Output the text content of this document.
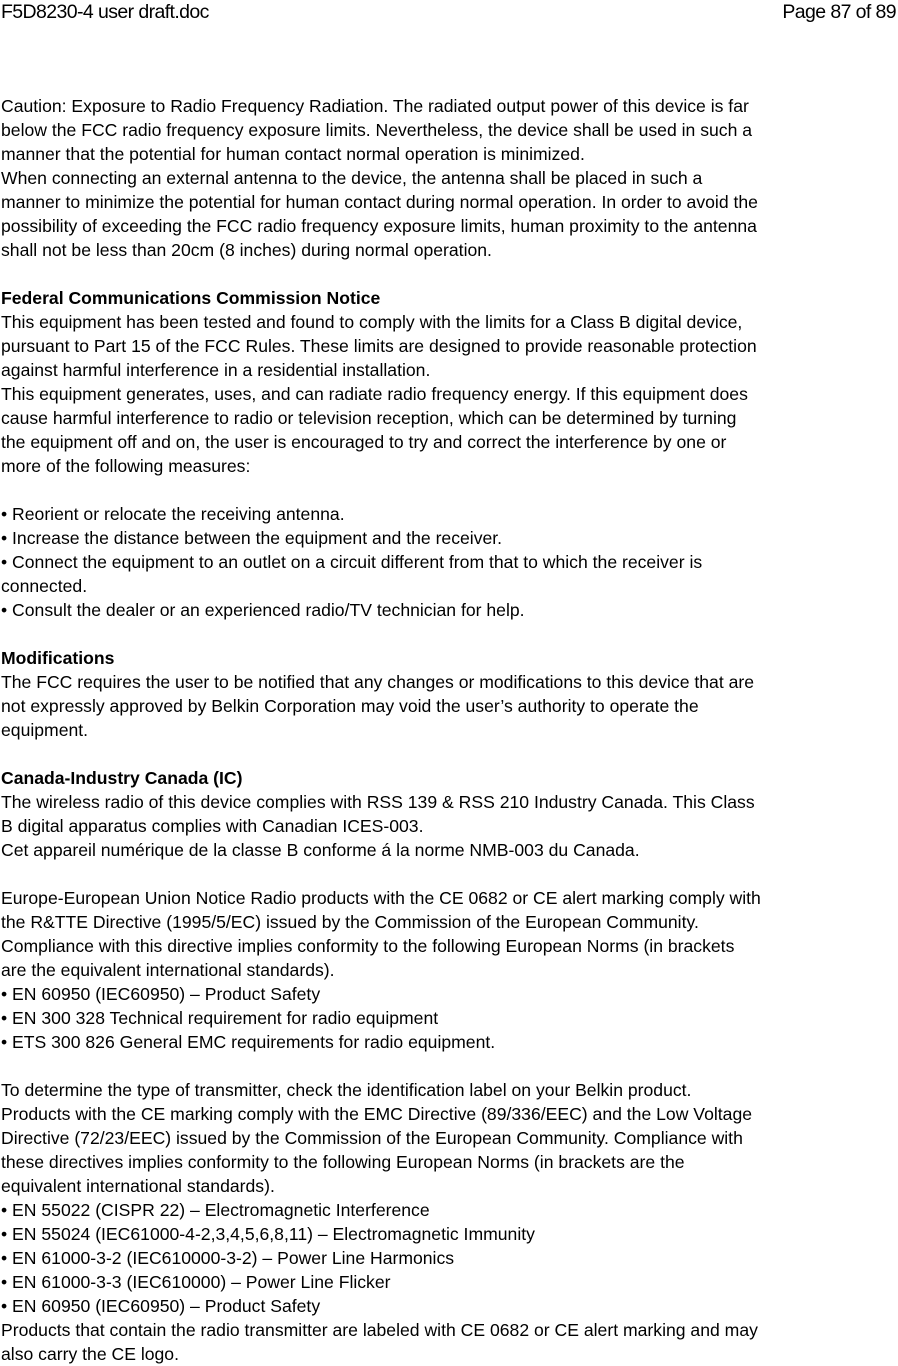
F5D8230-4 user draft.doc	Page 87 of 89

Caution: Exposure to Radio Frequency Radiation. The radiated output power of this device is far

below the FCC radio frequency exposure limits. Nevertheless, the device shall be used in such a

manner that the potential for human contact normal operation is minimized.

When connecting an external antenna to the device, the antenna shall be placed in such a

manner to minimize the potential for human contact during normal operation. In order to avoid the

possibility of exceeding the FCC radio frequency exposure limits, human proximity to the antenna

shall not be less than 20cm (8 inches) during normal operation.

Federal Communications Commission Notice

This equipment has been tested and found to comply with the limits for a Class B digital device,

pursuant to Part 15 of the FCC Rules. These limits are designed to provide reasonable protection

against harmful interference in a residential installation.

This equipment generates, uses, and can radiate radio frequency energy. If this equipment does

cause harmful interference to radio or television reception, which can be determined by turning

the equipment off and on, the user is encouraged to try and correct the interference by one or

more of the following measures:

• Reorient or relocate the receiving antenna.

• Increase the distance between the equipment and the receiver.

• Connect the equipment to an outlet on a circuit different from that to which the receiver is

connected.

• Consult the dealer or an experienced radio/TV technician for help.

Modifications

The FCC requires the user to be notified that any changes or modifications to this device that are

not expressly approved by Belkin Corporation may void the user’s authority to operate the

equipment.

Canada-Industry Canada (IC)

The wireless radio of this device complies with RSS 139 & RSS 210 Industry Canada. This Class

B digital apparatus complies with Canadian ICES-003.

Cet appareil numérique de la classe B conforme á la norme NMB-003 du Canada.

Europe-European Union Notice Radio products with the CE 0682 or CE alert marking comply with

the R&TTE Directive (1995/5/EC) issued by the Commission of the European Community.

Compliance with this directive implies conformity to the following European Norms (in brackets

are the equivalent international standards).

• EN 60950 (IEC60950) – Product Safety

• EN 300 328 Technical requirement for radio equipment

• ETS 300 826 General EMC requirements for radio equipment.

To determine the type of transmitter, check the identification label on your Belkin product.

Products with the CE marking comply with the EMC Directive (89/336/EEC) and the Low Voltage

Directive (72/23/EEC) issued by the Commission of the European Community. Compliance with

these directives implies conformity to the following European Norms (in brackets are the

equivalent international standards).

• EN 55022 (CISPR 22) – Electromagnetic Interference

• EN 55024 (IEC61000-4-2,3,4,5,6,8,11) – Electromagnetic Immunity

• EN 61000-3-2 (IEC610000-3-2) – Power Line Harmonics

• EN 61000-3-3 (IEC610000) – Power Line Flicker

• EN 60950 (IEC60950) – Product Safety

Products that contain the radio transmitter are labeled with CE 0682 or CE alert marking and may

also carry the CE logo.
